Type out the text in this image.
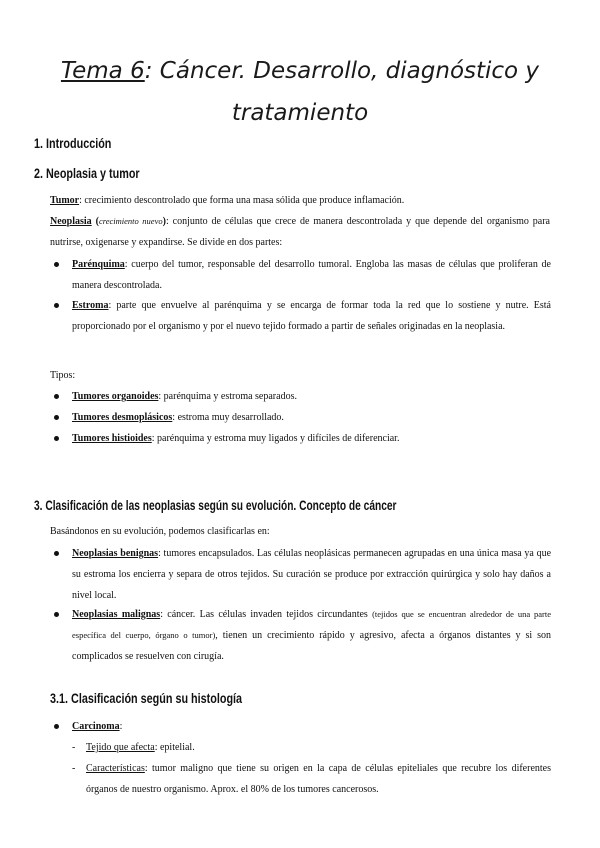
Tema 6: Cáncer. Desarrollo, diagnóstico y
tratamiento
1. Introducción
2. Neoplasia y tumor
Tumor: crecimiento descontrolado que forma una masa sólida que produce inflamación.
Neoplasia (crecimiento nuevo): conjunto de células que crece de manera descontrolada y que depende del organismo para nutrirse, oxigenarse y expandirse. Se divide en dos partes:
Parénquima: cuerpo del tumor, responsable del desarrollo tumoral. Engloba las masas de células que proliferan de manera descontrolada.
Estroma: parte que envuelve al parénquima y se encarga de formar toda la red que lo sostiene y nutre. Está proporcionado por el organismo y por el nuevo tejido formado a partir de señales originadas en la neoplasia.
Tipos:
Tumores organoides: parénquima y estroma separados.
Tumores desmoplásicos: estroma muy desarrollado.
Tumores histioides: parénquima y estroma muy ligados y difíciles de diferenciar.
3. Clasificación de las neoplasias según su evolución. Concepto de cáncer
Basándonos en su evolución, podemos clasificarlas en:
Neoplasias benignas: tumores encapsulados. Las células neoplásicas permanecen agrupadas en una única masa ya que su estroma los encierra y separa de otros tejidos. Su curación se produce por extracción quirúrgica y solo hay daños a nivel local.
Neoplasias malignas: cáncer. Las células invaden tejidos circundantes (tejidos que se encuentran alrededor de una parte específica del cuerpo, órgano o tumor), tienen un crecimiento rápido y agresivo, afecta a órganos distantes y si son complicados se resuelven con cirugía.
3.1. Clasificación según su histología
Carcinoma:
- Tejido que afecta: epitelial.
- Características: tumor maligno que tiene su origen en la capa de células epiteliales que recubre los diferentes órganos de nuestro organismo. Aprox. el 80% de los tumores cancerosos.
